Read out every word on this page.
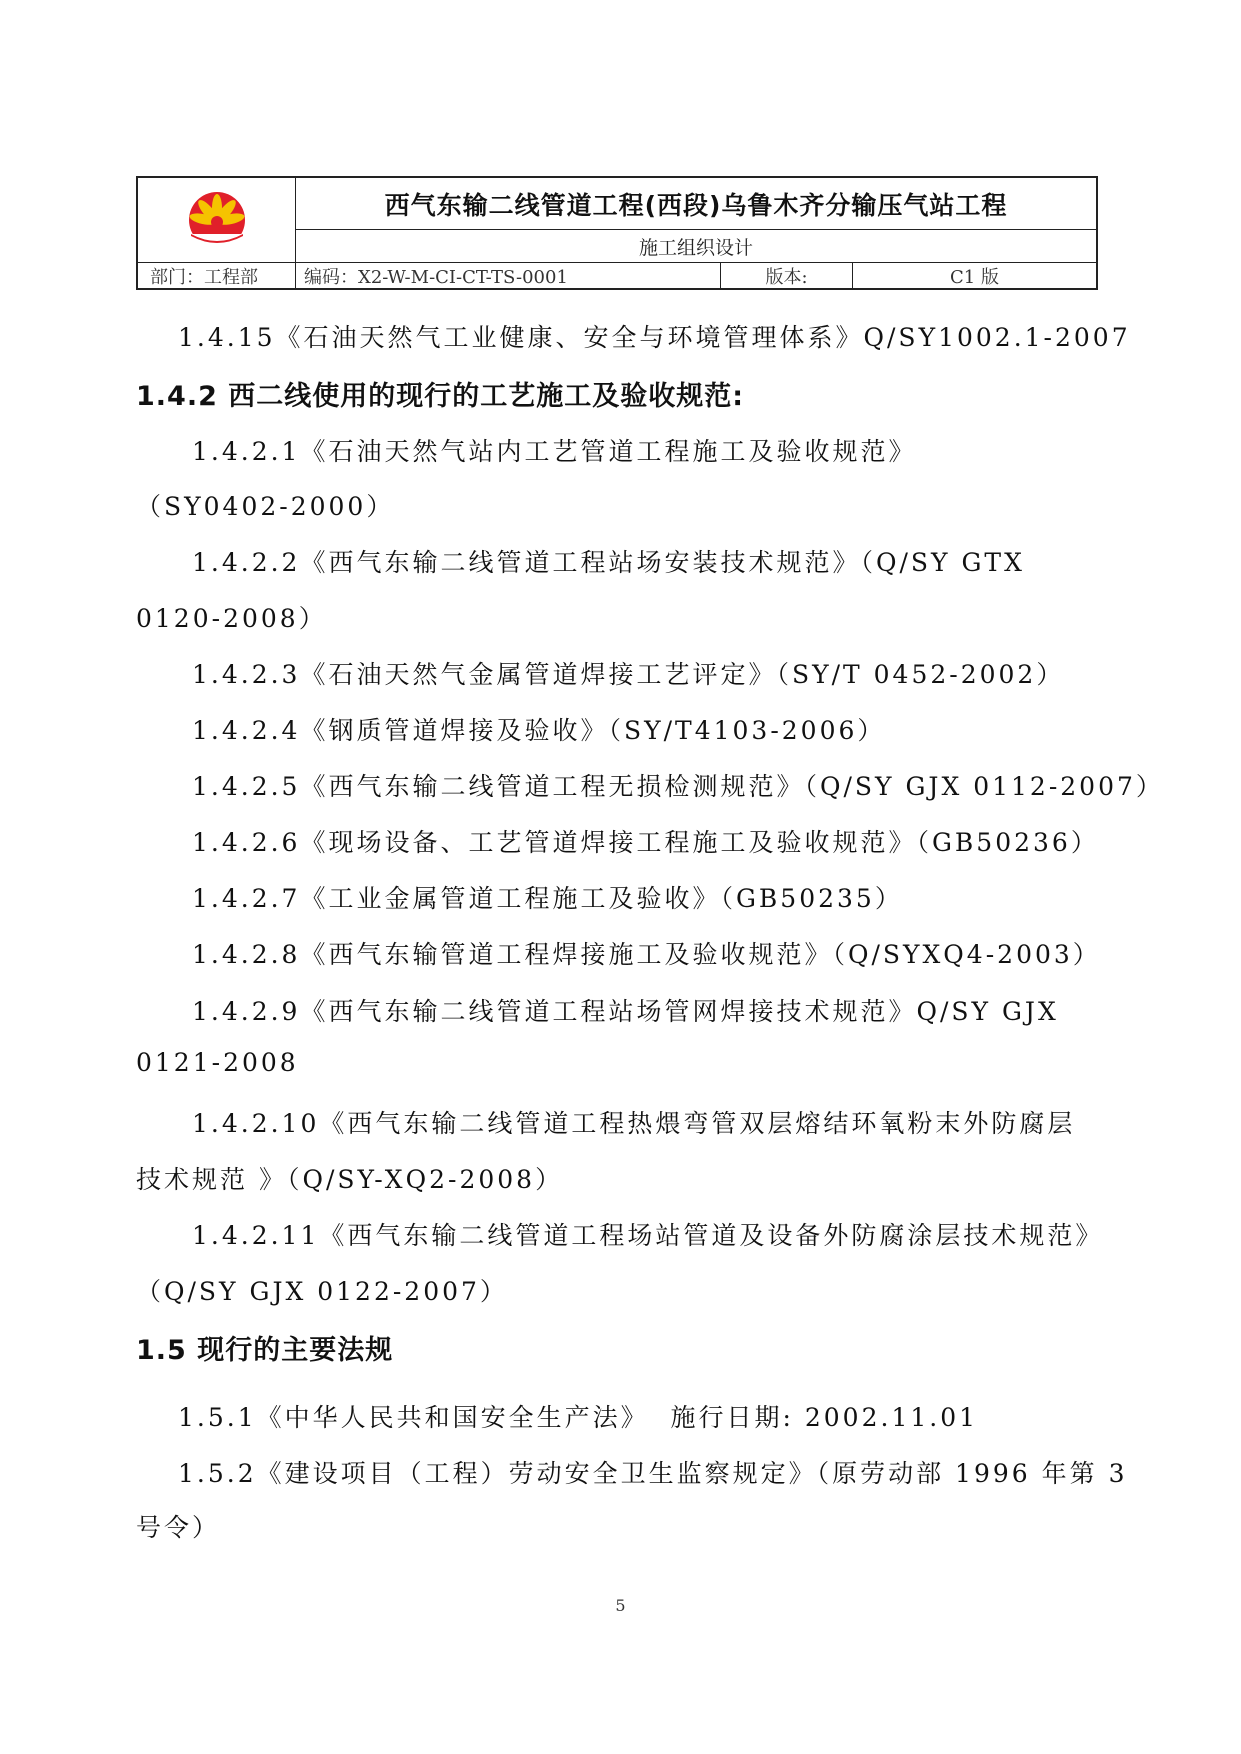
西气东输二线管道工程(西段)乌鲁木齐分输压气站工程
施工组织设计
部门：工程部	编码：X2-W-M-CI-CT-TS-0001	版本:	C1 版
1.4.15《石油天然气工业健康、安全与环境管理体系》Q/SY1002.1-2007
1.4.2 西二线使用的现行的工艺施工及验收规范:
1.4.2.1《石油天然气站内工艺管道工程施工及验收规范》
（SY0402-2000）
1.4.2.2《西气东输二线管道工程站场安装技术规范》（Q/SY GTX
0120-2008）
1.4.2.3《石油天然气金属管道焊接工艺评定》（SY/T 0452-2002）
1.4.2.4《钢质管道焊接及验收》（SY/T4103-2006）
1.4.2.5《西气东输二线管道工程无损检测规范》（Q/SY GJX 0112-2007）
1.4.2.6《现场设备、工艺管道焊接工程施工及验收规范》（GB50236）
1.4.2.7《工业金属管道工程施工及验收》（GB50235）
1.4.2.8《西气东输管道工程焊接施工及验收规范》（Q/SYXQ4-2003）
1.4.2.9《西气东输二线管道工程站场管网焊接技术规范》Q/SY GJX
0121-2008
1.4.2.10《西气东输二线管道工程热煨弯管双层熔结环氧粉末外防腐层
技术规范 》（Q/SY-XQ2-2008）
1.4.2.11《西气东输二线管道工程场站管道及设备外防腐涂层技术规范》
（Q/SY GJX 0122-2007）
1.5 现行的主要法规
1.5.1《中华人民共和国安全生产法》  施行日期: 2002.11.01
1.5.2《建设项目（工程）劳动安全卫生监察规定》（原劳动部 1996 年第 3
号令）
5
